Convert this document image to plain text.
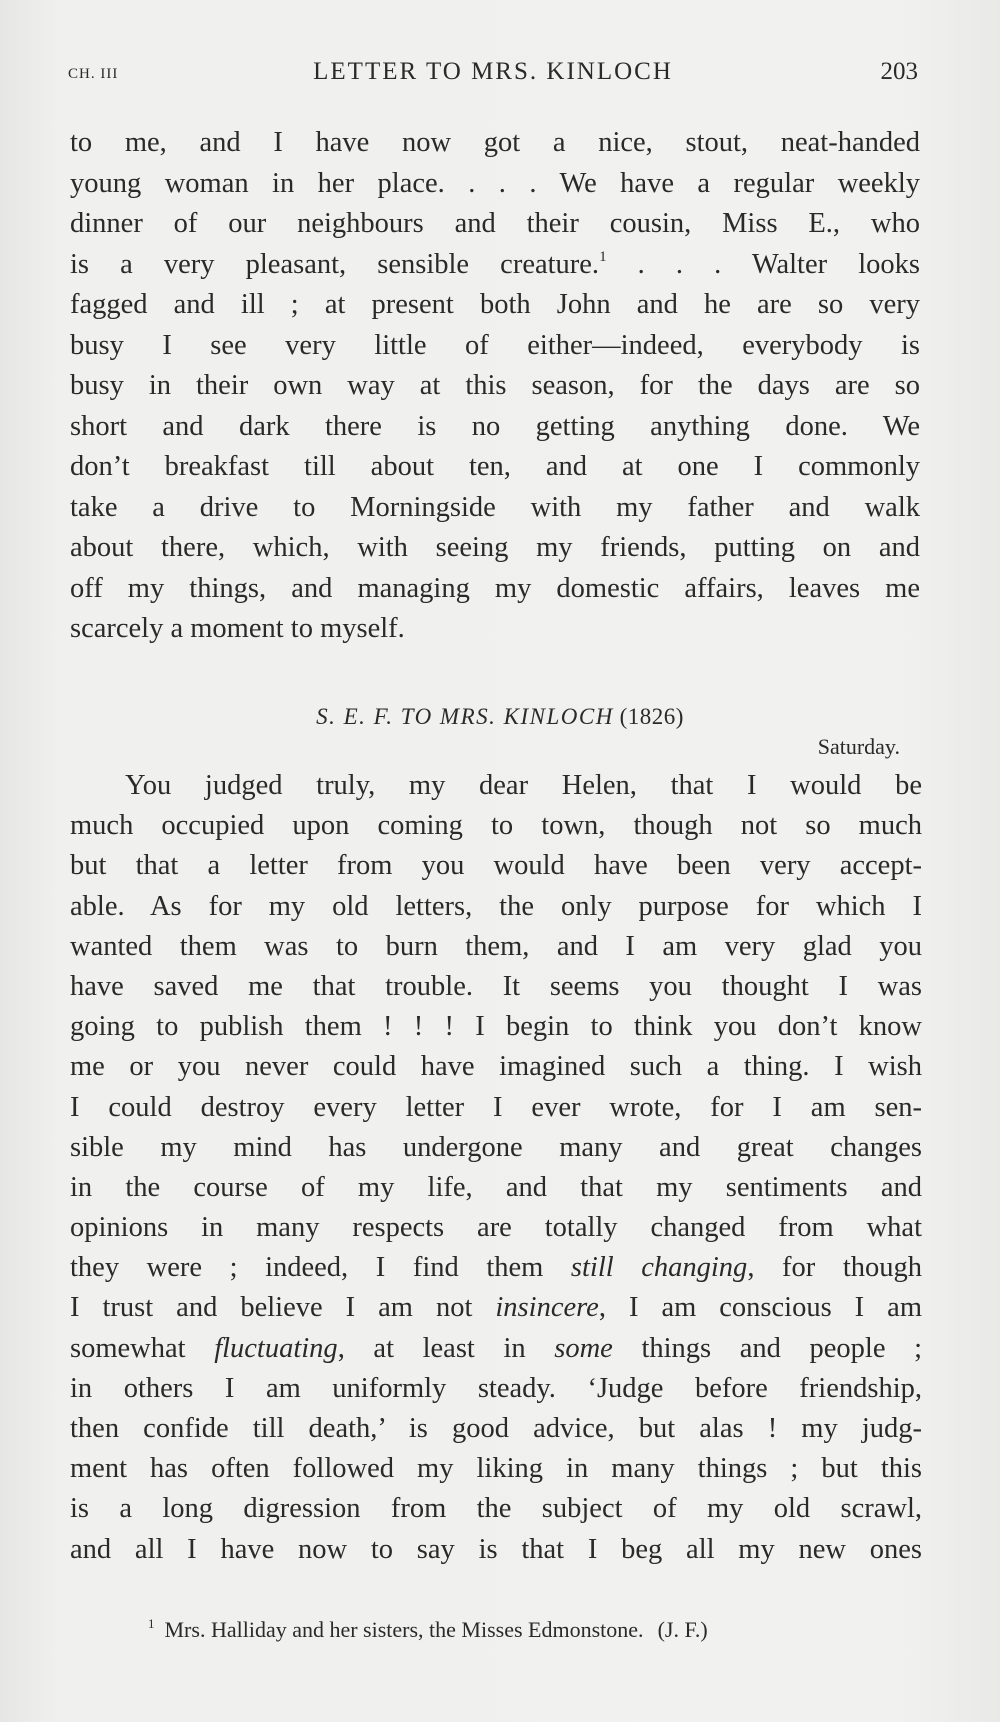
CH. III	LETTER TO MRS. KINLOCH	203
to me, and I have now got a nice, stout, neat-handed
young woman in her place. . . . We have a regular weekly
dinner of our neighbours and their cousin, Miss E., who
is a very pleasant, sensible creature.$^1$ . . . Walter looks
fagged and ill ; at present both John and he are so very
busy I see very little of either—indeed, everybody is
busy in their own way at this season, for the days are so
short and dark there is no getting anything done. We
don’t breakfast till about ten, and at one I commonly
take a drive to Morningside with my father and walk
about there, which, with seeing my friends, putting on and
off my things, and managing my domestic affairs, leaves me
scarcely a moment to myself.
S. E. F. TO MRS. KINLOCH (1826)
Saturday.
You judged truly, my dear Helen, that I would be
much occupied upon coming to town, though not so much
but that a letter from you would have been very accept-
able. As for my old letters, the only purpose for which I
wanted them was to burn them, and I am very glad you
have saved me that trouble. It seems you thought I was
going to publish them ! ! ! I begin to think you don’t know
me or you never could have imagined such a thing. I wish
I could destroy every letter I ever wrote, for I am sen-
sible my mind has undergone many and great changes
in the course of my life, and that my sentiments and
opinions in many respects are totally changed from what
they were ; indeed, I find them still changing, for though
I trust and believe I am not insincere, I am conscious I am
somewhat fluctuating, at least in some things and people ;
in others I am uniformly steady. ‘Judge before friendship,
then confide till death,’ is good advice, but alas ! my judg-
ment has often followed my liking in many things ; but this
is a long digression from the subject of my old scrawl,
and all I have now to say is that I beg all my new ones
$^1$ Mrs. Halliday and her sisters, the Misses Edmonstone. (J. F.)
